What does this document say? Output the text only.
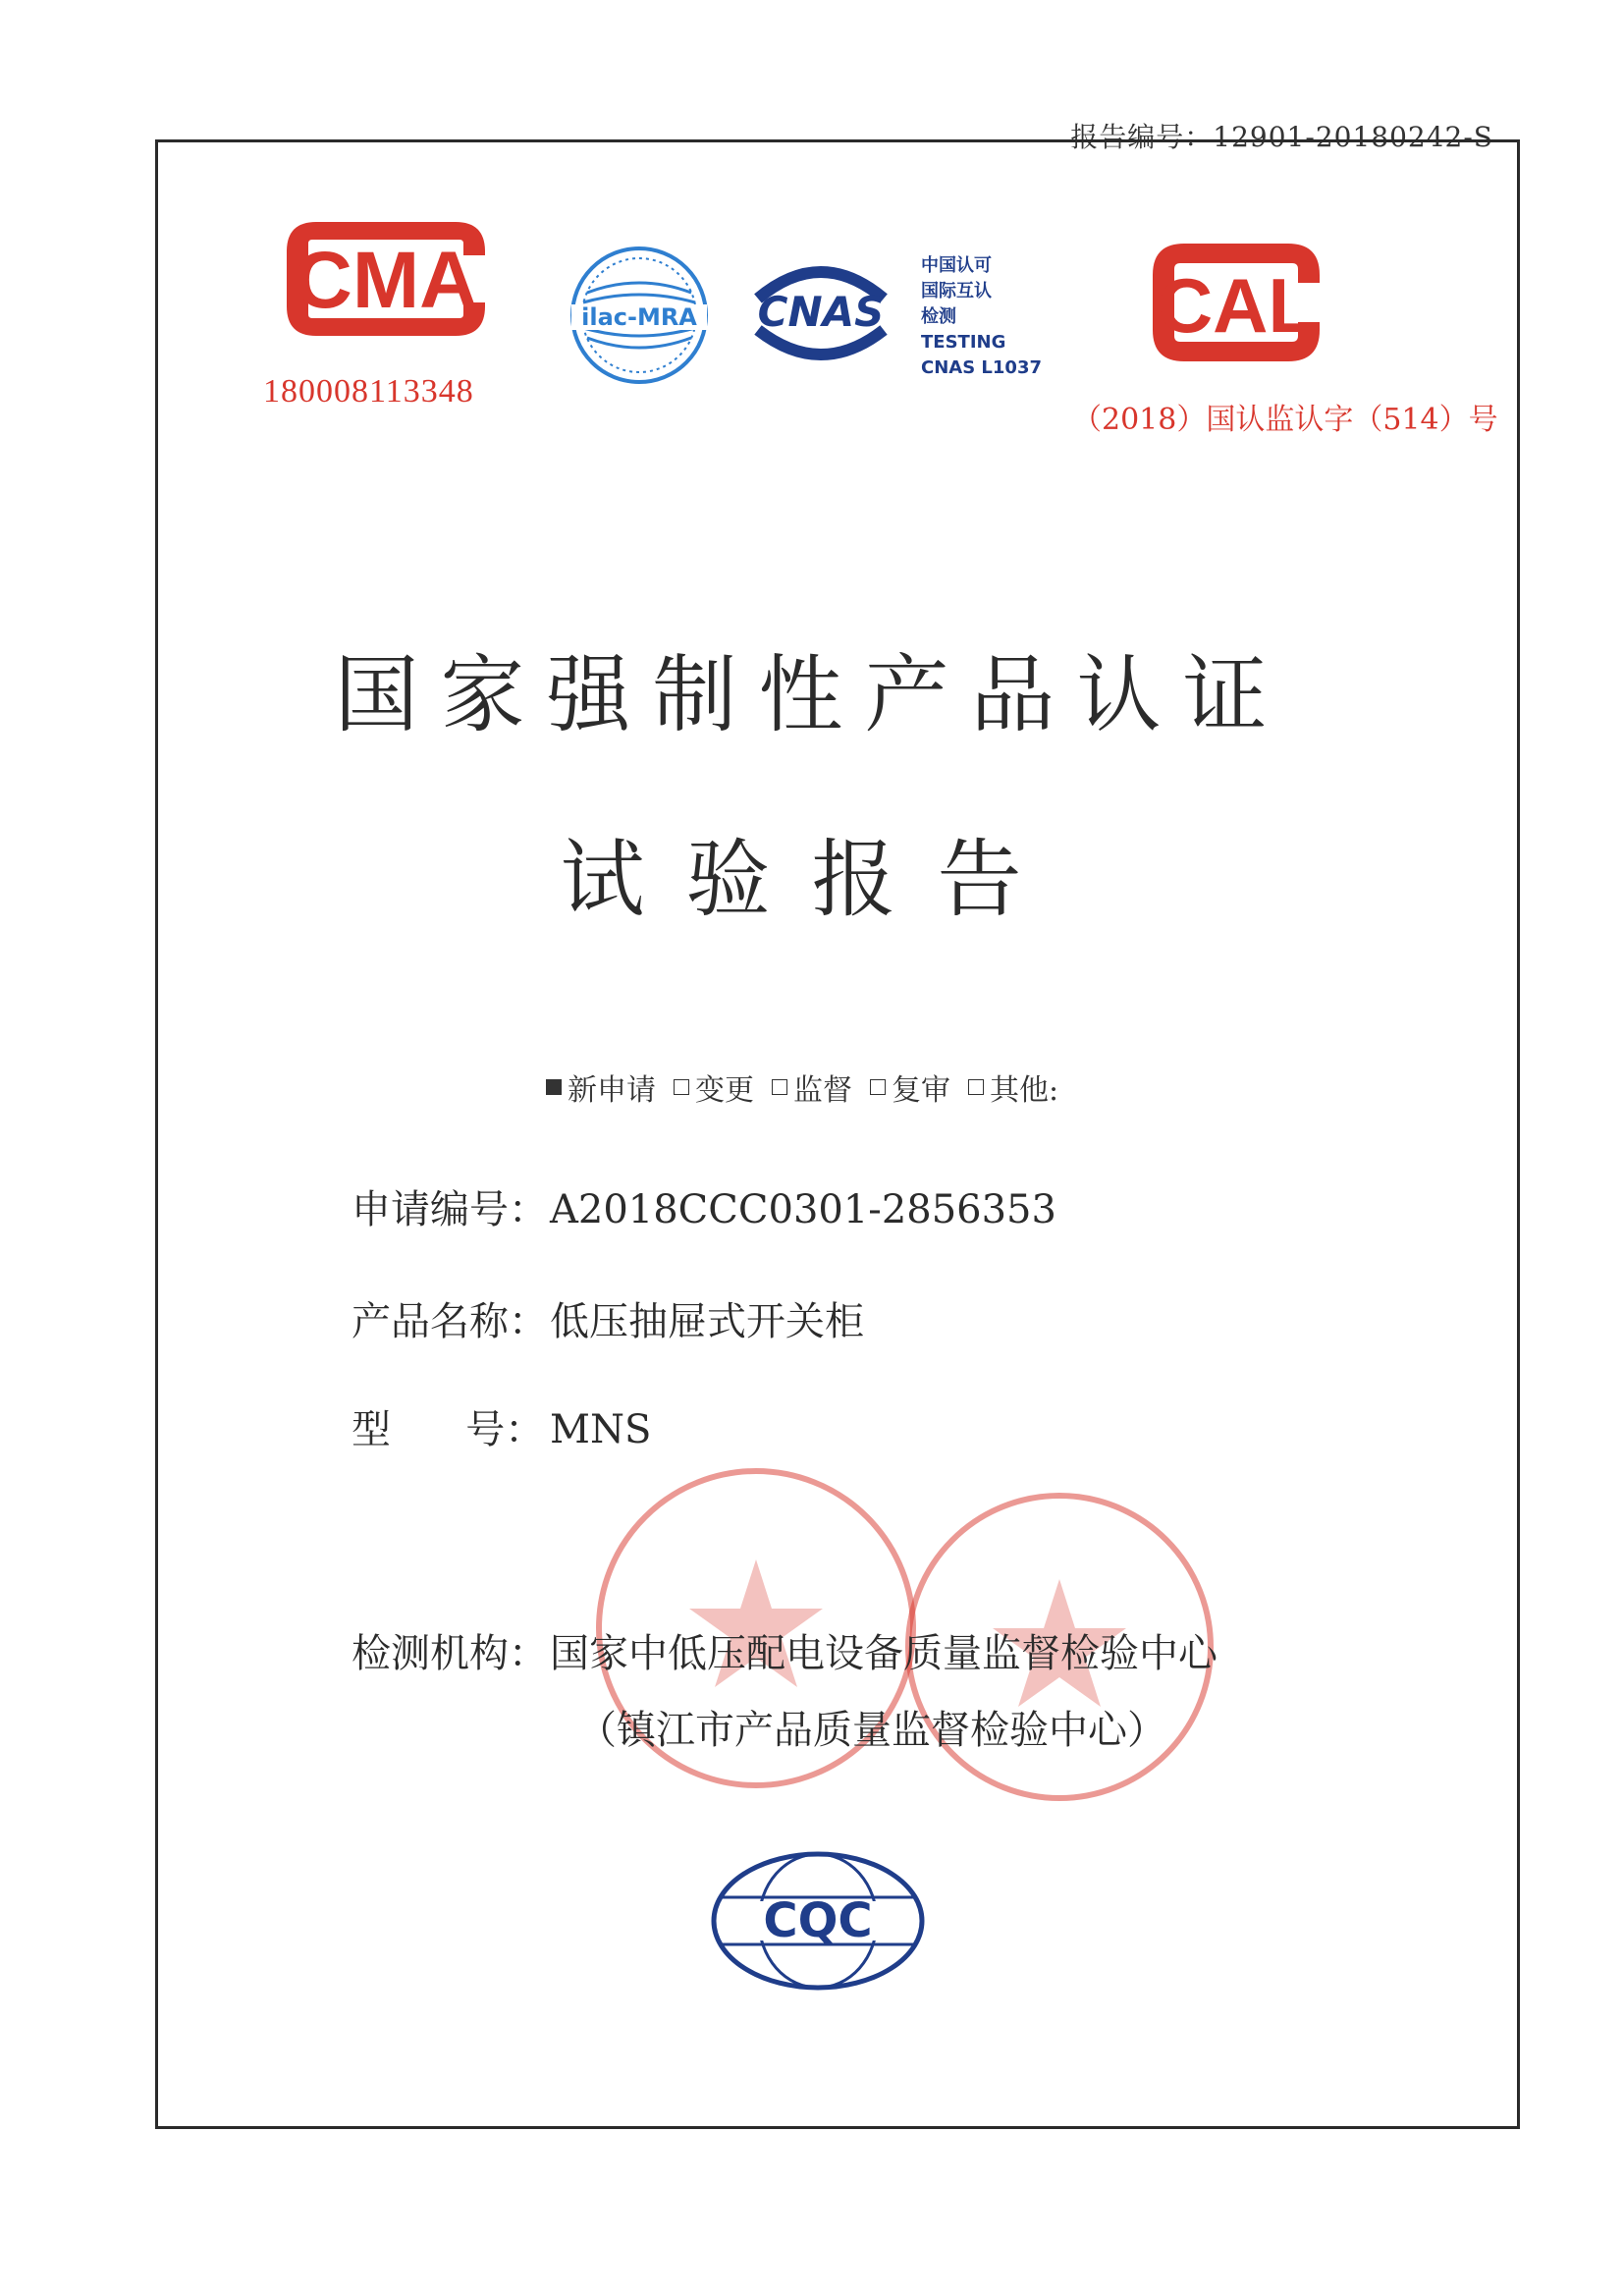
报告编号：12901-20180242-S
CMA
180008113348
ilac-MRA CNAS
中国认可
国际互认
检测
TESTING
CNAS L1037
CAL
（2018）国认监认字（514）号
国家强制性产品认证
试验报告
新申请 变更 监督 复审 其他:
申请编号：A2018CCC0301-2856353
产品名称：低压抽屉式开关柜
型      号： MNS
检测机构：国家中低压配电设备质量监督检验中心
（镇江市产品质量监督检验中心）
CQC
